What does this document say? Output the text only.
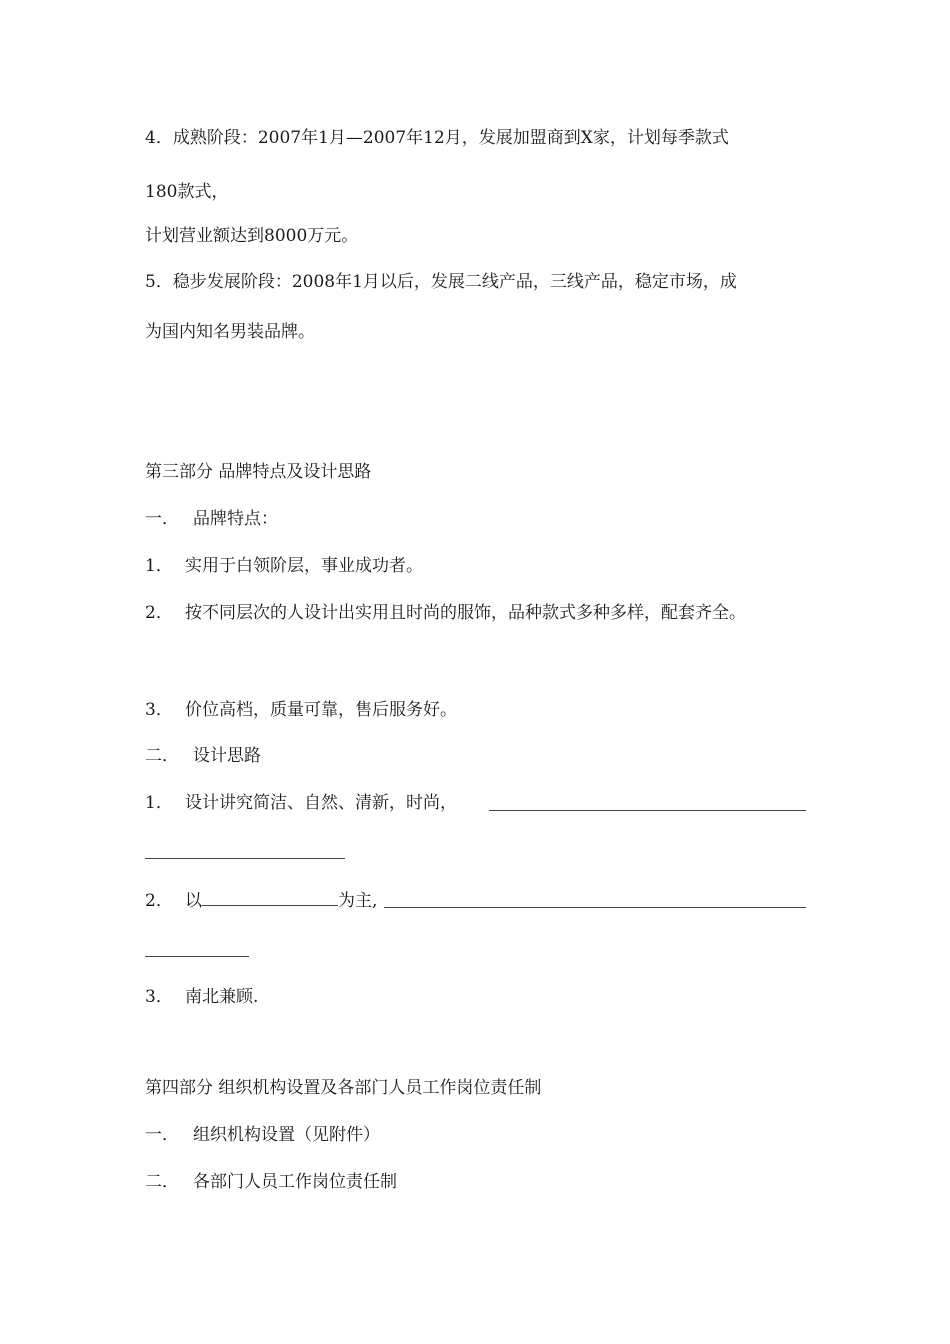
4．成熟阶段：2007年1月—2007年12月，发展加盟商到X家，计划每季款式
180款式，
计划营业额达到8000万元。
5．稳步发展阶段：2008年1月以后，发展二线产品，三线产品，稳定市场，成
为国内知名男装品牌。
第三部分 品牌特点及设计思路
一． 品牌特点：
1． 实用于白领阶层，事业成功者。
2． 按不同层次的人设计出实用且时尚的服饰，品种款式多种多样，配套齐全。
3． 价位高档，质量可靠，售后服务好。
二． 设计思路
1． 设计讲究简洁、自然、清新，时尚，
2． 以	为主,
3． 南北兼顾.
第四部分 组织机构设置及各部门人员工作岗位责任制
一． 组织机构设置（见附件）
二． 各部门人员工作岗位责任制
